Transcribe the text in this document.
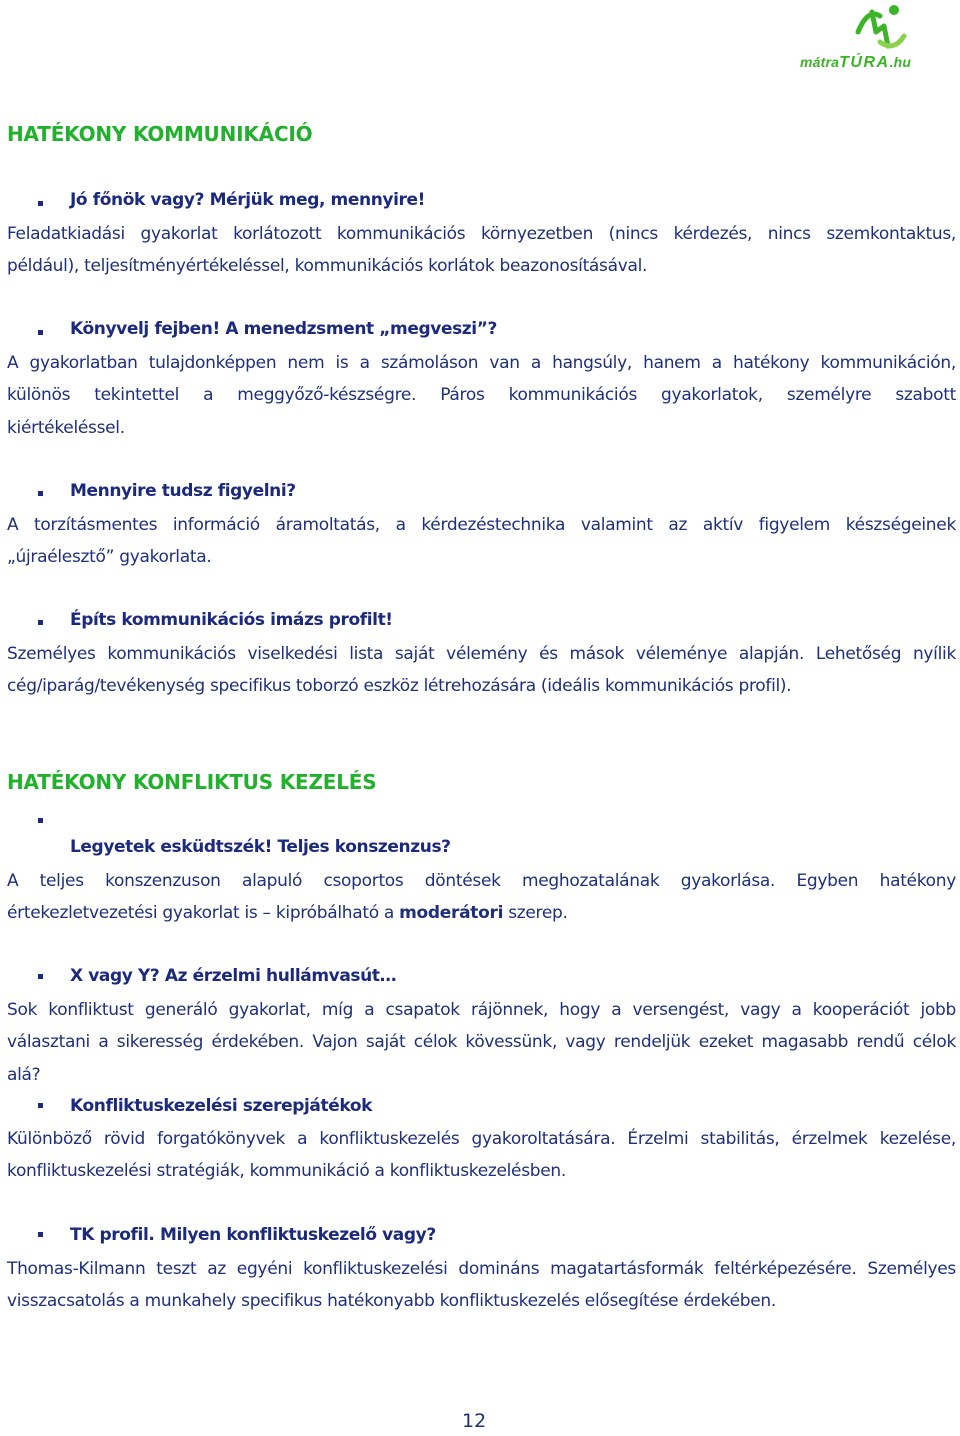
mátraTÚRA.hu
HATÉKONY KOMMUNIKÁCIÓ
Jó főnök vagy? Mérjük meg, mennyire!
Feladatkiadási gyakorlat korlátozott kommunikációs környezetben (nincs kérdezés, nincs szemkontaktus,
például), teljesítményértékeléssel, kommunikációs korlátok beazonosításával.
Könyvelj fejben! A menedzsment „megveszi”?
A gyakorlatban tulajdonképpen nem is a számoláson van a hangsúly, hanem a hatékony kommunikáción,
különös tekintettel a meggyőző-készségre. Páros kommunikációs gyakorlatok, személyre szabott
kiértékeléssel.
Mennyire tudsz figyelni?
A torzításmentes információ áramoltatás, a kérdezéstechnika valamint az aktív figyelem készségeinek
„újraélesztő” gyakorlata.
Építs kommunikációs imázs profilt!
Személyes kommunikációs viselkedési lista saját vélemény és mások véleménye alapján. Lehetőség nyílik
cég/iparág/tevékenység specifikus toborzó eszköz létrehozására (ideális kommunikációs profil).
HATÉKONY KONFLIKTUS KEZELÉS
Legyetek esküdtszék! Teljes konszenzus?
A teljes konszenzuson alapuló csoportos döntések meghozatalának gyakorlása. Egyben hatékony
értekezletvezetési gyakorlat is – kipróbálható a moderátori szerep.
X vagy Y? Az érzelmi hullámvasút…
Sok konfliktust generáló gyakorlat, míg a csapatok rájönnek, hogy a versengést, vagy a kooperációt jobb
választani a sikeresség érdekében. Vajon saját célok kövessünk, vagy rendeljük ezeket magasabb rendű célok
alá?
Konfliktuskezelési szerepjátékok
Különböző rövid forgatókönyvek a konfliktuskezelés gyakoroltatására. Érzelmi stabilitás, érzelmek kezelése,
konfliktuskezelési stratégiák, kommunikáció a konfliktuskezelésben.
TK profil. Milyen konfliktuskezelő vagy?
Thomas-Kilmann teszt az egyéni konfliktuskezelési domináns magatartásformák feltérképezésére. Személyes
visszacsatolás a munkahely specifikus hatékonyabb konfliktuskezelés elősegítése érdekében.
12
